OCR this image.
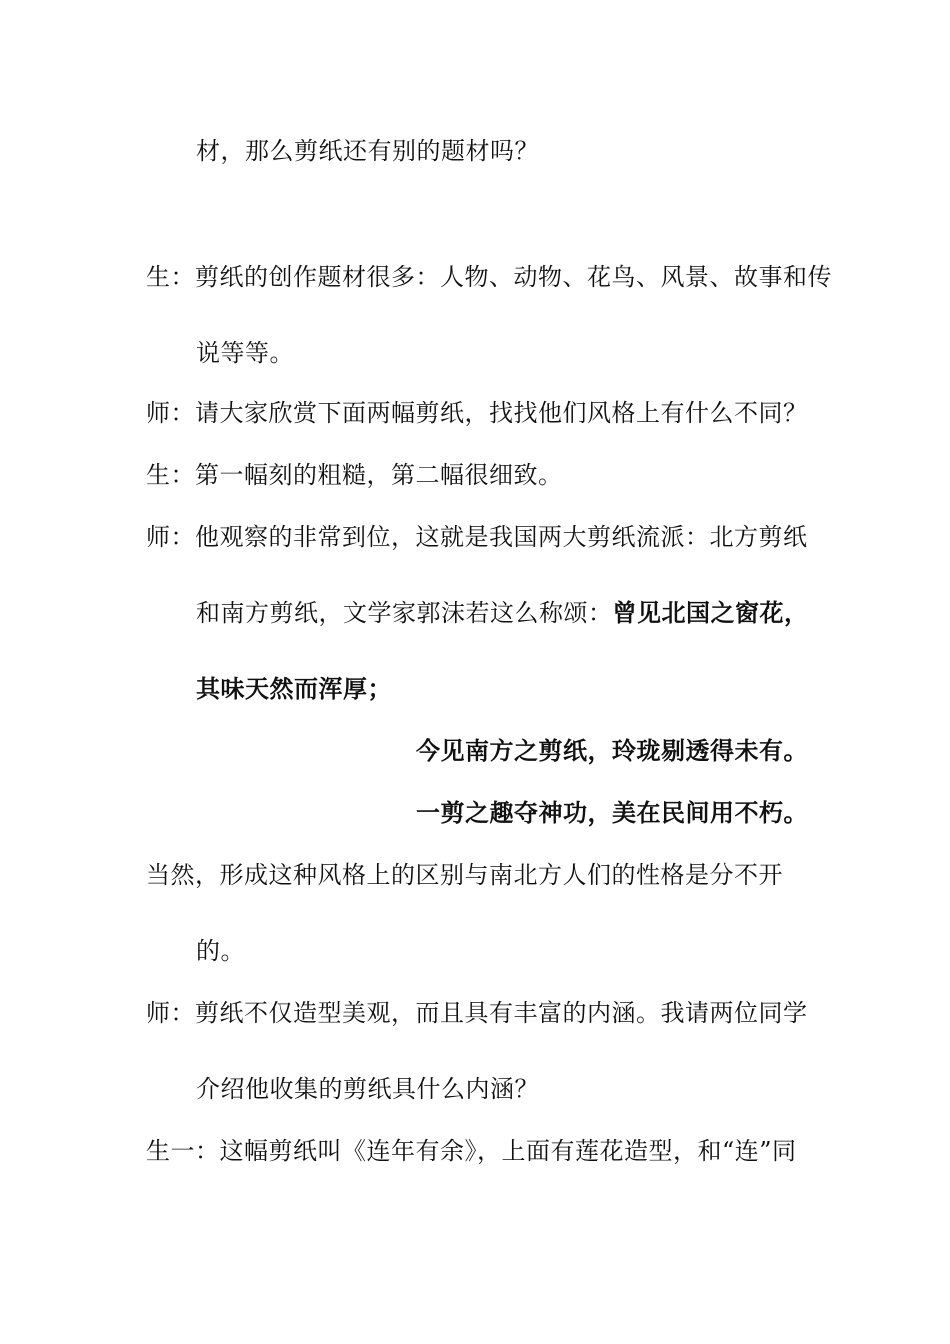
材，那么剪纸还有别的题材吗？
生：剪纸的创作题材很多：人物、动物、花鸟、风景、故事和传
说等等。
师：请大家欣赏下面两幅剪纸，找找他们风格上有什么不同？
生：第一幅刻的粗糙，第二幅很细致。
师：他观察的非常到位，这就是我国两大剪纸流派：北方剪纸
和南方剪纸，文学家郭沫若这么称颂：曾见北国之窗花，
其味天然而浑厚；
今见南方之剪纸，玲珑剔透得未有。
一剪之趣夺神功，美在民间用不朽。
当然，形成这种风格上的区别与南北方人们的性格是分不开
的。
师：剪纸不仅造型美观，而且具有丰富的内涵。我请两位同学
介绍他收集的剪纸具什么内涵？
生一：这幅剪纸叫《连年有余》，上面有莲花造型，和“连”同
